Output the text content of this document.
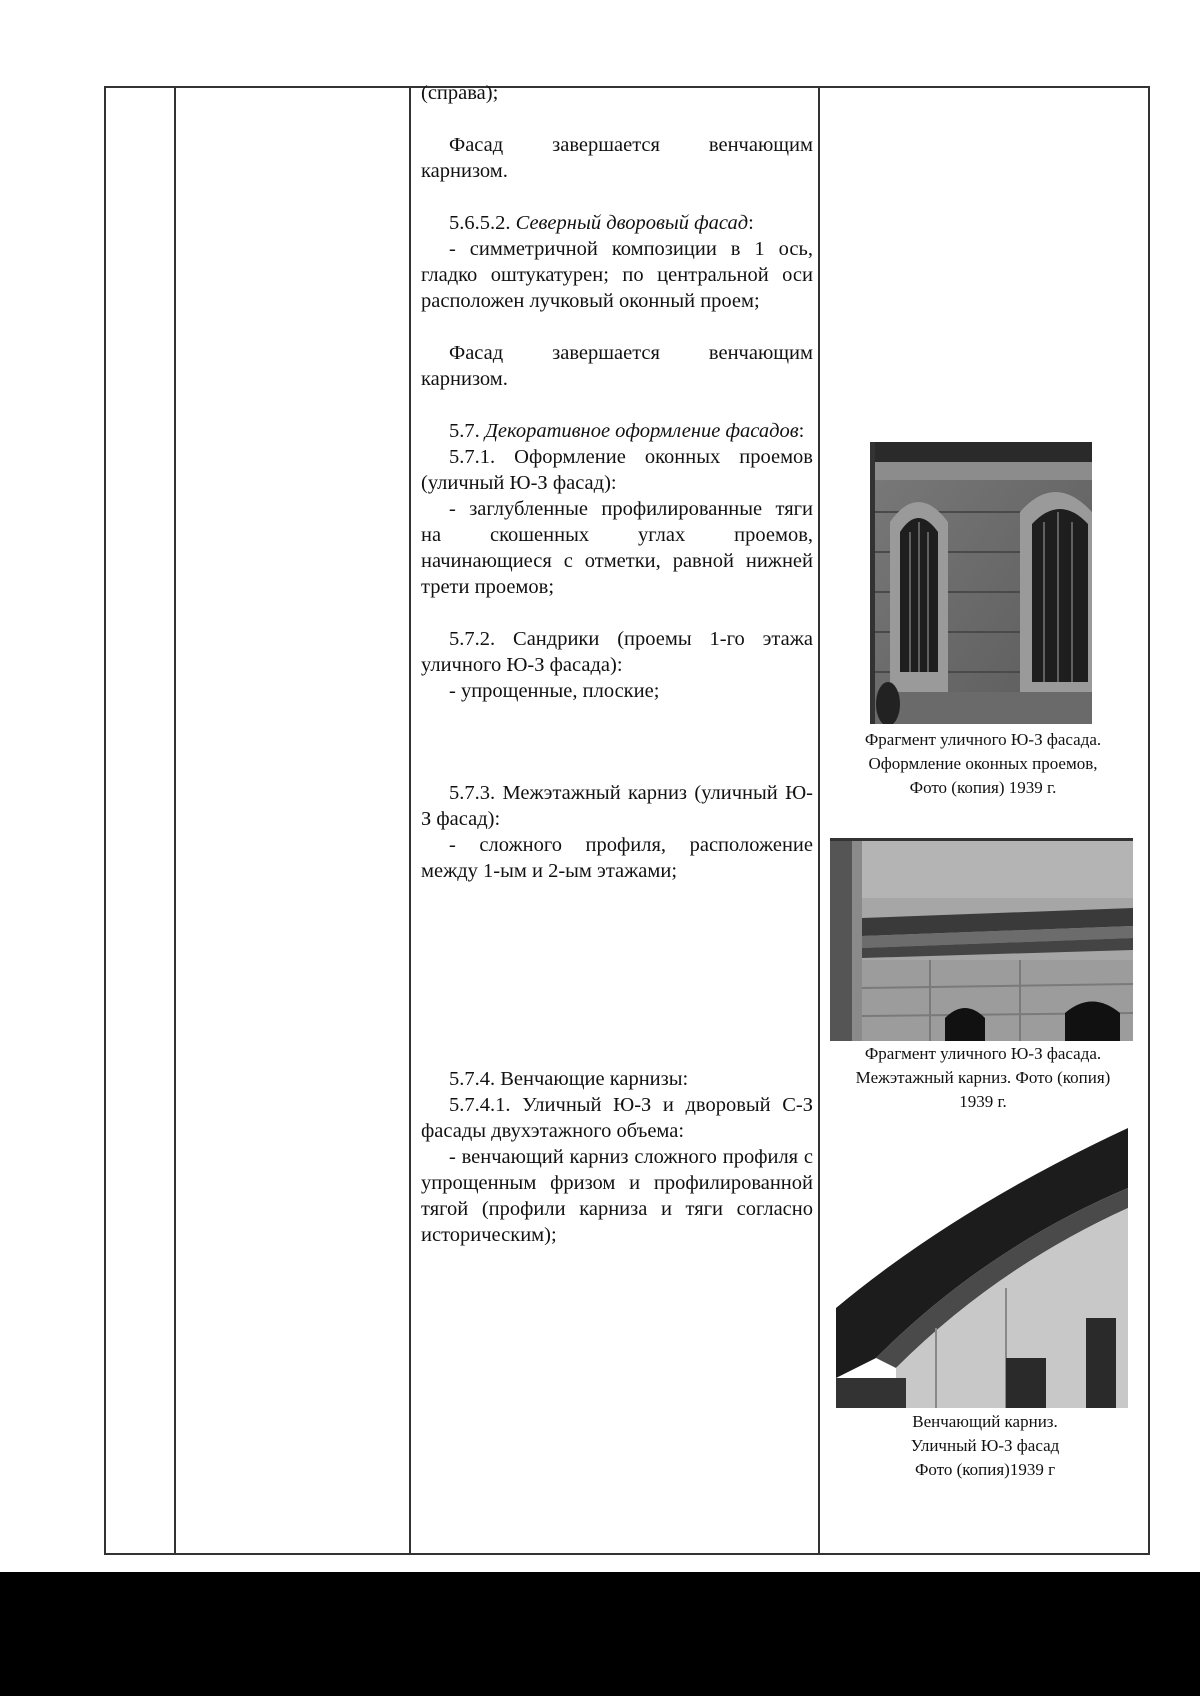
(справа);

Фасад завершается венчающим карнизом.

5.6.5.2. Северный дворовый фасад:

- симметричной композиции в 1 ось, гладко оштукатурен; по центральной оси расположен лучковый оконный проем;

Фасад завершается венчающим карнизом.

5.7. Декоративное оформление фасадов:

5.7.1. Оформление оконных проемов (уличный Ю-З фасад):

- заглубленные профилированные тяги на скошенных углах проемов, начинающиеся с отметки, равной нижней трети проемов;

5.7.2. Сандрики (проемы 1-го этажа уличного Ю-З фасада):

- упрощенные, плоские;

5.7.3. Межэтажный карниз (уличный Ю-З фасад):

- сложного профиля, расположение между 1-ым и 2-ым этажами;

5.7.4. Венчающие карнизы:

5.7.4.1. Уличный Ю-З и дворовый С-З фасады двухэтажного объема:

- венчающий карниз сложного профиля с упрощенным фризом и профилированной тягой (профили карниза и тяги согласно историческим);

Фрагмент уличного Ю-З фасада.
Оформление оконных проемов,
Фото (копия) 1939 г.
Фрагмент уличного Ю-З фасада.
Межэтажный карниз. Фото (копия)
1939 г.
Венчающий карниз.
Уличный Ю-З фасад
Фото (копия)1939 г
